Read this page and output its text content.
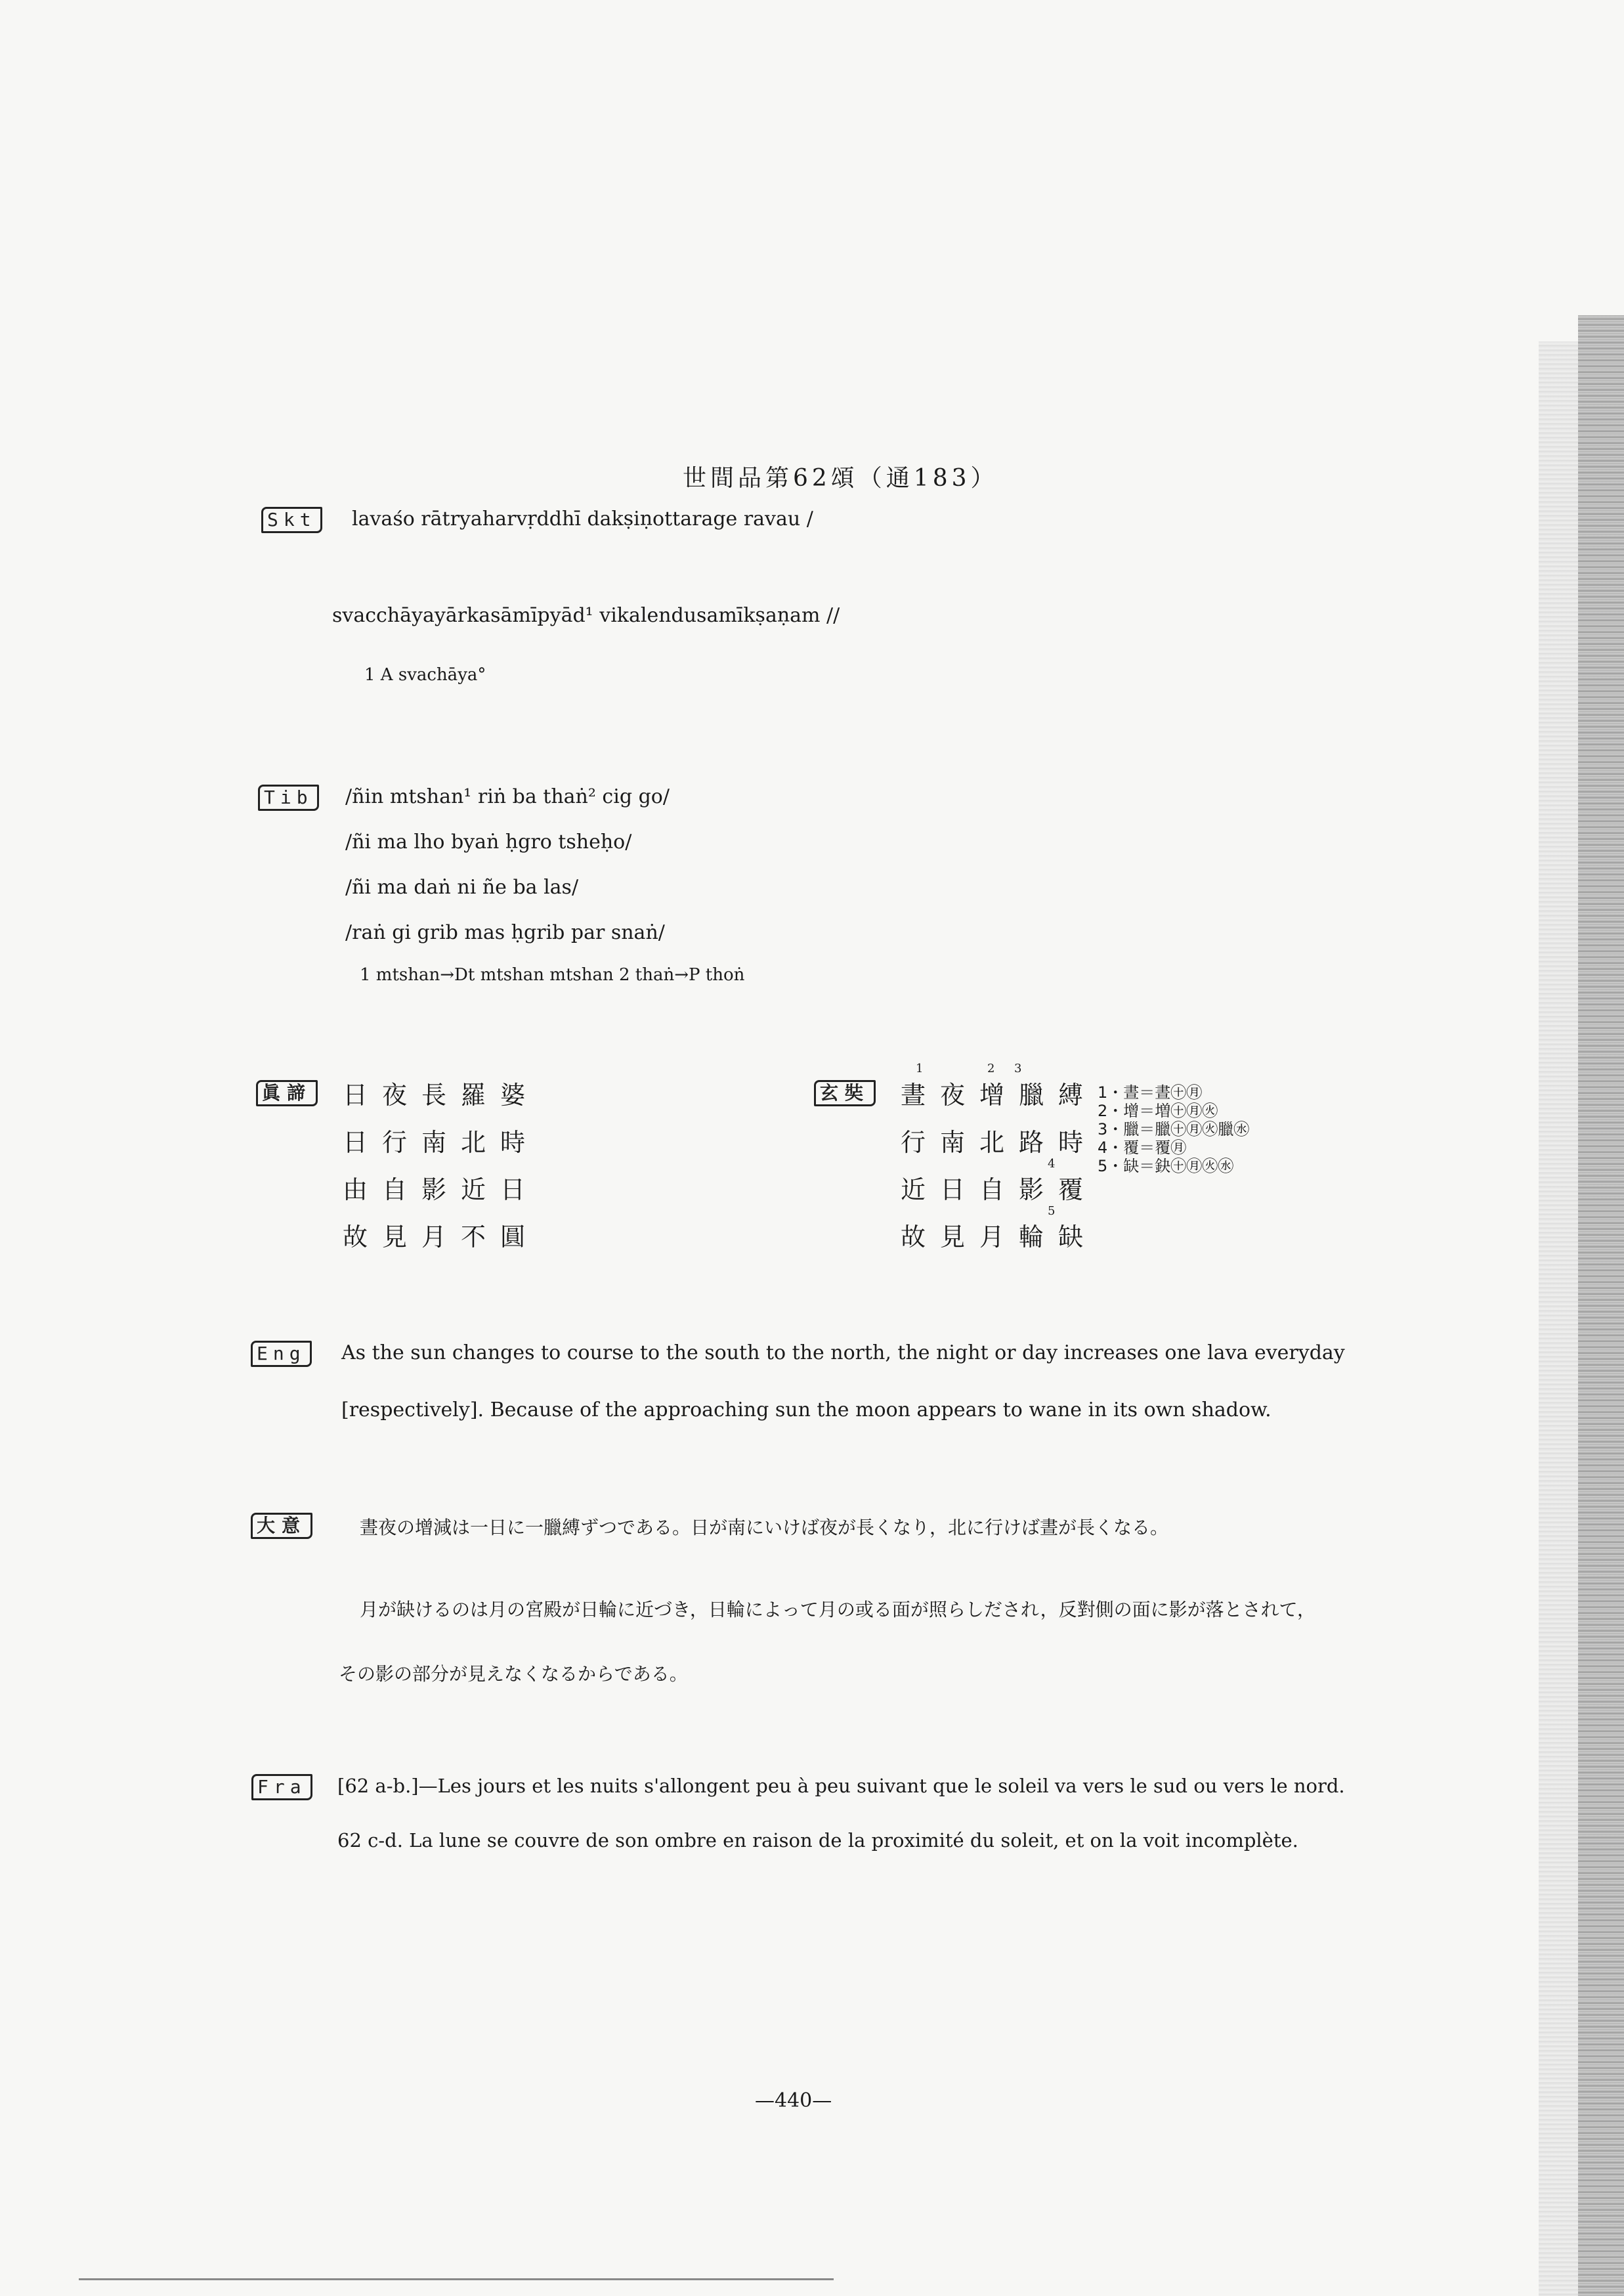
世間品第62頌（通183）
Skt	lavaśo rātryaharvṛddhī dakṣiṇottarage ravau /
svacchāyayārkasāmīpyād¹ vikalendusamīkṣaṇam //
1 A svachāya°
Tib	/ñin mtshan¹ riṅ ba thaṅ² cig go/
/ñi ma lho byaṅ ḥgro tsheḥo/
/ñi ma daṅ ni ñe ba las/
/raṅ gi grib mas ḥgrib par snaṅ/
1 mtshan→Dt mtshan mtshan 2 thaṅ→P thoṅ
眞諦 日夜長羅婆
日行南北時
由自影近日
故見月不圓
玄奘 晝夜增臘縛
行南北路時
近日自影覆
故見月輪缺
1	2 3
4
5
1・晝＝晝㊉㊊
2・增＝増㊉㊊㊋
3・臘＝臘㊉㊊㊋臘㊌
4・覆＝覆㊊
5・缺＝鈌㊉㊊㊋㊌
Eng	As the sun changes to course to the south to the north, the night or day increases one lava everyday
[respectively]. Because of the approaching sun the moon appears to wane in its own shadow.
大意	晝夜の增減は一日に一臘縛ずつである。日が南にいけば夜が長くなり，北に行けば晝が長くなる。
月が缺けるのは月の宮殿が日輪に近づき，日輪によって月の或る面が照らしだされ，反對側の面に影が落とされて，
その影の部分が見えなくなるからである。
Fra	[62 a-b.]—Les jours et les nuits s'allongent peu à peu suivant que le soleil va vers le sud ou vers le nord.
62 c-d. La lune se couvre de son ombre en raison de la proximité du soleit, et on la voit incomplète.
—440—
